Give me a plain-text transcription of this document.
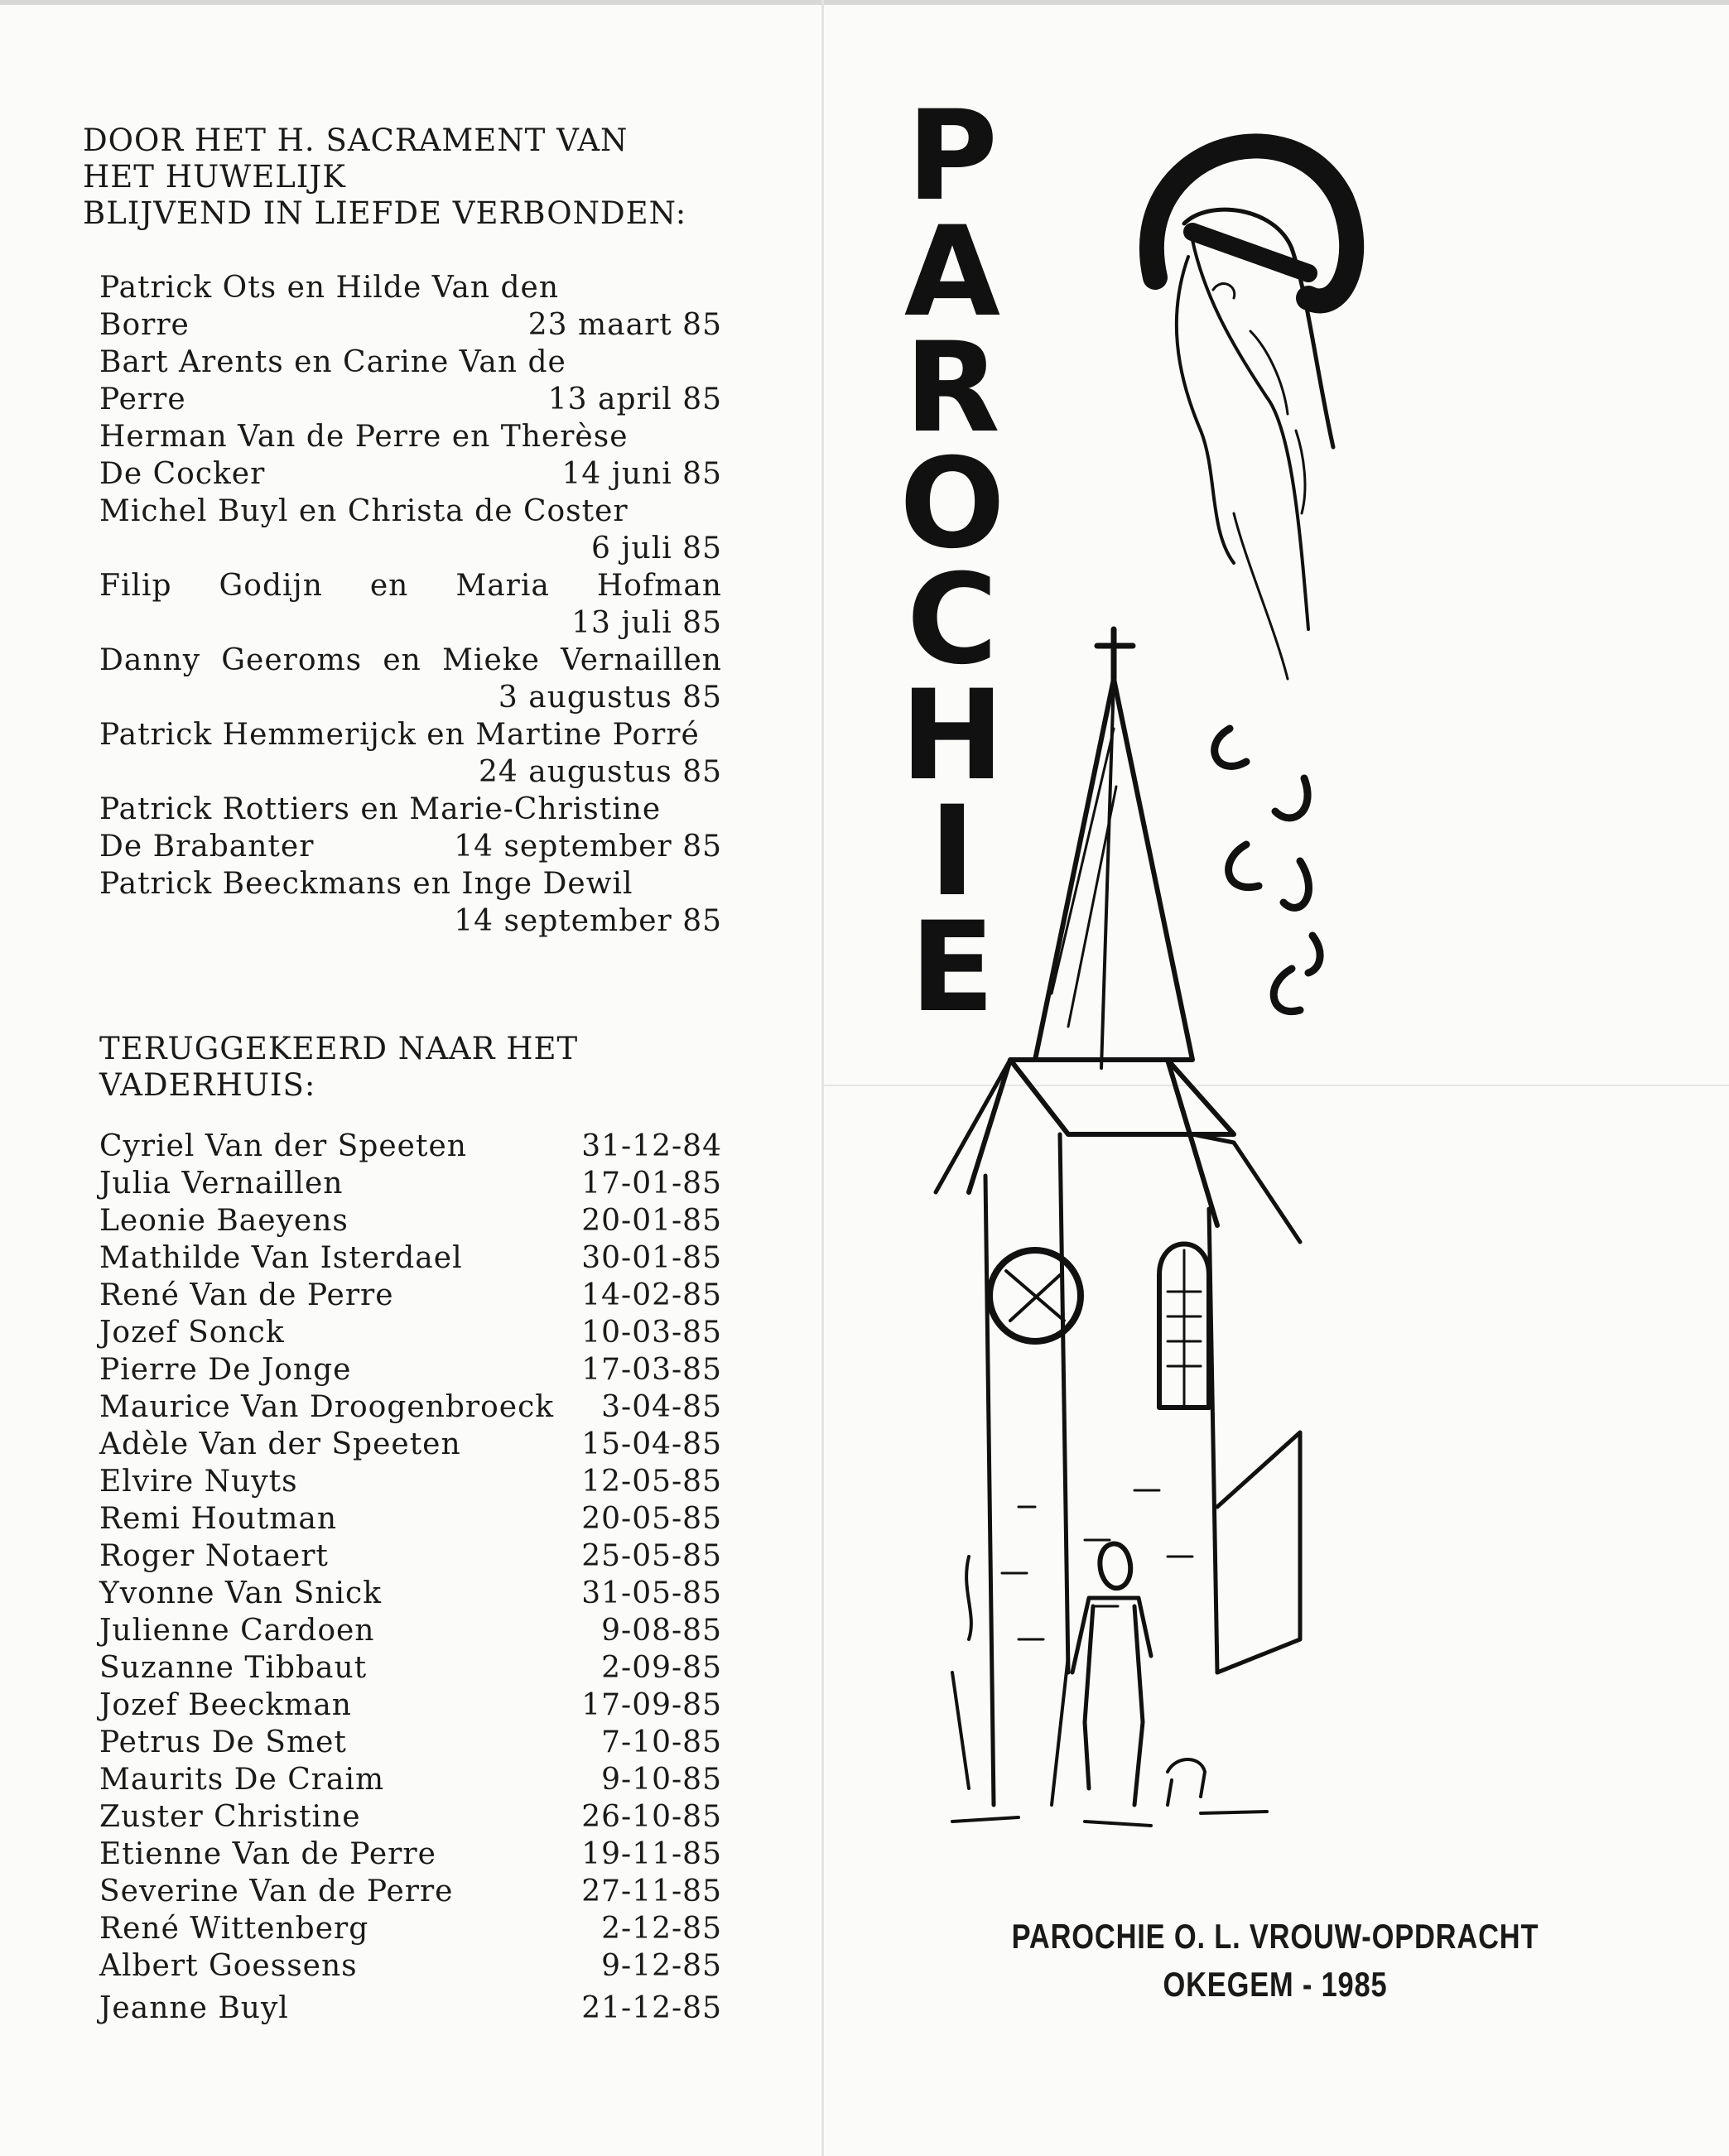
DOOR HET H. SACRAMENT VAN

HET HUWELIJK

BLIJVEND IN LIEFDE VERBONDEN:

Patrick Ots en Hilde Van den
Borre	23 maart 85
Bart Arents en Carine Van de
Perre	13 april 85
Herman Van de Perre en Therèse
De Cocker	14 juni 85
Michel Buyl en Christa de Coster
6 juli 85
Filip Godijn en Maria Hofman
13 juli 85
Danny Geeroms en Mieke Vernaillen
3 augustus 85
Patrick Hemmerijck en Martine Porré
24 augustus 85
Patrick Rottiers en Marie-Christine
De Brabanter	14 september 85
Patrick Beeckmans en Inge Dewil
14 september 85

TERUGGEKEERD NAAR HET

VADERHUIS:

Cyriel Van der Speeten	31-12-84
Julia Vernaillen	17-01-85
Leonie Baeyens	20-01-85
Mathilde Van Isterdael	30-01-85
René Van de Perre	14-02-85
Jozef Sonck	10-03-85
Pierre De Jonge	17-03-85
Maurice Van Droogenbroeck 3-04-85
Adèle Van der Speeten	15-04-85
Elvire Nuyts	12-05-85
Remi Houtman	20-05-85
Roger Notaert	25-05-85
Yvonne Van Snick	31-05-85
Julienne Cardoen	9-08-85
Suzanne Tibbaut	2-09-85
Jozef Beeckman	17-09-85
Petrus De Smet	7-10-85
Maurits De Craim	9-10-85
Zuster Christine	26-10-85
Etienne Van de Perre	19-11-85
Severine Van de Perre	27-11-85
René Wittenberg	2-12-85
Albert Goessens	9-12-85
Jeanne Buyl	21-12-85
P
A
R
O
C
H
I
E
PAROCHIE O. L. VROUW-OPDRACHT
OKEGEM - 1985
